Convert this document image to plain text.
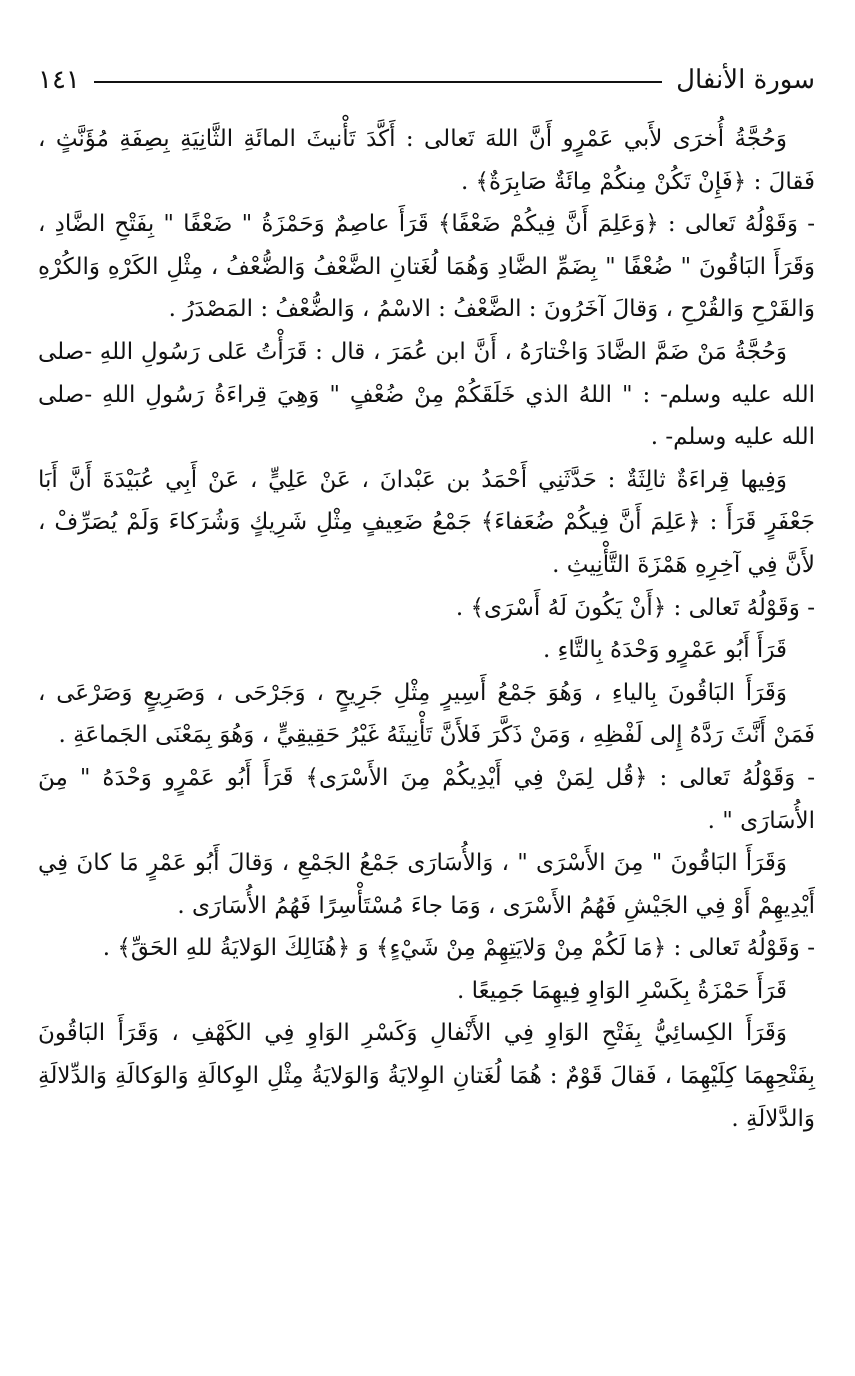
سورة الأنفال
١٤١

وَحُجَّةُ أُخرَى لأَبي عَمْرٍو أَنَّ اللهَ تَعالى : أَكَّدَ تَأْنيثَ المائَةِ الثَّانِيَةِ بِصِفَةِ مُؤَنَّثٍ ، فَقالَ : ﴿فَإِنْ تَكُنْ مِنكُمْ مِائَةٌ صَابِرَةٌ﴾ .

- وَقَوْلُهُ تَعالى : ﴿وَعَلِمَ أَنَّ فِيكُمْ ضَعْفًا﴾ قَرَأَ عاصِمٌ وَحَمْزَةُ " ضَعْفًا " بِفَتْحِ الضَّادِ ، وَقَرَأَ البَاقُونَ " ضُعْفًا " بِضَمِّ الضَّادِ وَهُمَا لُغَتانِ الضَّعْفُ وَالضُّعْفُ ، مِثْلِ الكَرْهِ وَالكُرْهِ وَالقَرْحِ وَالقُرْحِ ، وَقالَ آخَرُونَ : الضَّعْفُ : الاسْمُ ، وَالضُّعْفُ : المَصْدَرُ .

وَحُجَّةُ مَنْ ضَمَّ الضَّادَ وَاخْتارَهُ ، أَنَّ ابن عُمَرَ ، قال : قَرَأْتُ عَلى رَسُولِ اللهِ -صلى الله عليه وسلم- : " اللهُ الذي خَلَقَكُمْ مِنْ ضُعْفٍ " وَهِيَ قِراءَةُ رَسُولِ اللهِ -صلى الله عليه وسلم- .

وَفِيها قِراءَةٌ ثالِثَةٌ : حَدَّثَنِي أَحْمَدُ بن عَبْدانَ ، عَنْ عَلِيٍّ ، عَنْ أَبِي عُبَيْدَةَ أَنَّ أَبَا جَعْفَرٍ قَرَأَ : ﴿عَلِمَ أَنَّ فِيكُمْ ضُعَفاءَ﴾ جَمْعُ ضَعِيفٍ مِثْلِ شَرِيكٍ وَشُرَكاءَ وَلَمْ يُصَرِّفْ ، لأَنَّ فِي آخِرِهِ هَمْزَةَ التَّأْنِيثِ .

- وَقَوْلُهُ تَعالى : ﴿أَنْ يَكُونَ لَهُ أَسْرَى﴾ .

قَرَأَ أَبُو عَمْرٍو وَحْدَهُ بِالتَّاءِ .

وَقَرَأَ البَاقُونَ بِالياءِ ، وَهُوَ جَمْعُ أَسِيرٍ مِثْلِ جَرِيحٍ ، وَجَرْحَى ، وَصَرِيعٍ وَصَرْعَى ، فَمَنْ أَنَّثَ رَدَّهُ إِلى لَفْظِهِ ، وَمَنْ ذَكَّرَ فَلأَنَّ تَأْنِيثَهُ غَيْرُ حَقِيقِيٍّ ، وَهُوَ بِمَعْنَى الجَماعَةِ .

- وَقَوْلُهُ تَعالى : ﴿قُل لِمَنْ فِي أَيْدِيكُمْ مِنَ الأَسْرَى﴾ قَرَأَ أَبُو عَمْرٍو وَحْدَهُ " مِنَ الأُسَارَى " .

وَقَرَأَ البَاقُونَ " مِنَ الأَسْرَى " ، وَالأُسَارَى جَمْعُ الجَمْعِ ، وَقالَ أَبُو عَمْرٍ مَا كانَ فِي أَيْدِيهِمْ أَوْ فِي الجَيْشِ فَهُمُ الأَسْرَى ، وَمَا جاءَ مُسْتَأْسِرًا فَهُمُ الأُسَارَى .

- وَقَوْلُهُ تَعالى : ﴿مَا لَكُمْ مِنْ وَلايَتِهِمْ مِنْ شَيْءٍ﴾ وَ ﴿هُنَالِكَ الوَلايَةُ للهِ الحَقِّ﴾ .

قَرَأَ حَمْزَةُ بِكَسْرِ الوَاوِ فِيهِمَا جَمِيعًا .

وَقَرَأَ الكِسائِيُّ بِفَتْحِ الوَاوِ فِي الأَنْفالِ وَكَسْرِ الوَاوِ فِي الكَهْفِ ، وَقَرَأَ البَاقُونَ بِفَتْحِهِمَا كِلَيْهِمَا ، فَقالَ قَوْمٌ : هُمَا لُغَتانِ الوِلايَةُ وَالوَلايَةُ مِثْلِ الوِكالَةِ وَالوَكالَةِ وَالدِّلالَةِ وَالدَّلالَةِ .
